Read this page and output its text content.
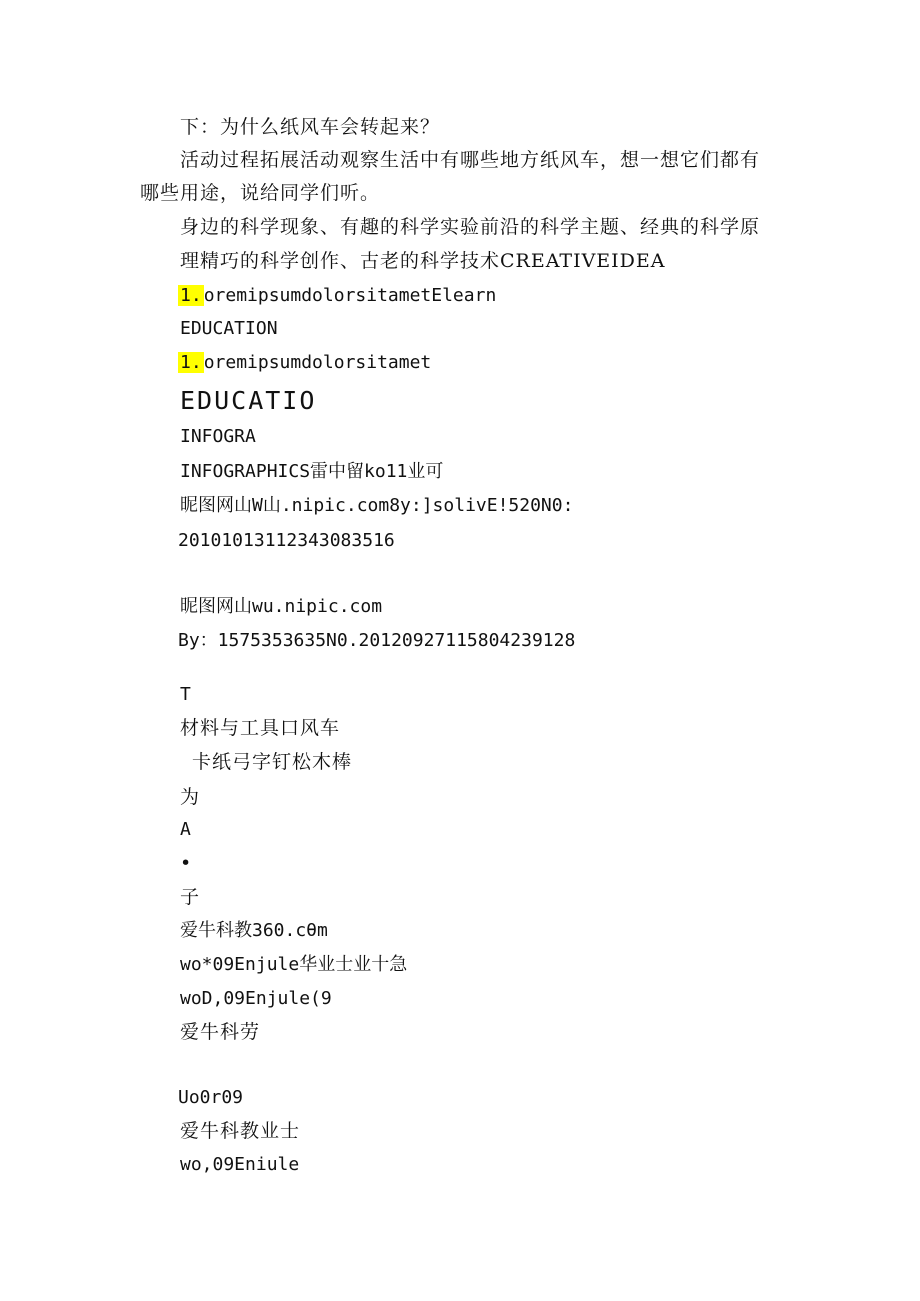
下：为什么纸风车会转起来？
活动过程拓展活动观察生活中有哪些地方纸风车，想一想它们都有
哪些用途，说给同学们听。
身边的科学现象、有趣的科学实验前沿的科学主题、经典的科学原
理精巧的科学创作、古老的科学技术CREATIVEIDEA
1. oremipsumdolorsitametElearn
EDUCATION
1. oremipsumdolorsitamet
EDUCATIO
INFOGRA
INFOGRAPHICS雷中留ko11业可
昵图网山W山.nipic.com8y:]solivE!520N0:
20101013112343083516
昵图网山wu.nipic.com
By：1575353635N0.20120927115804239128
T
材料与工具口风车
卡纸弓字钉松木棒
为
A
•
子
爱牛科教360.cθm
wo*09Enjule华业士业十急
woD,09Enjule(9
爱牛科劳
Uo0r09
爱牛科教业士
wo,09Eniule
